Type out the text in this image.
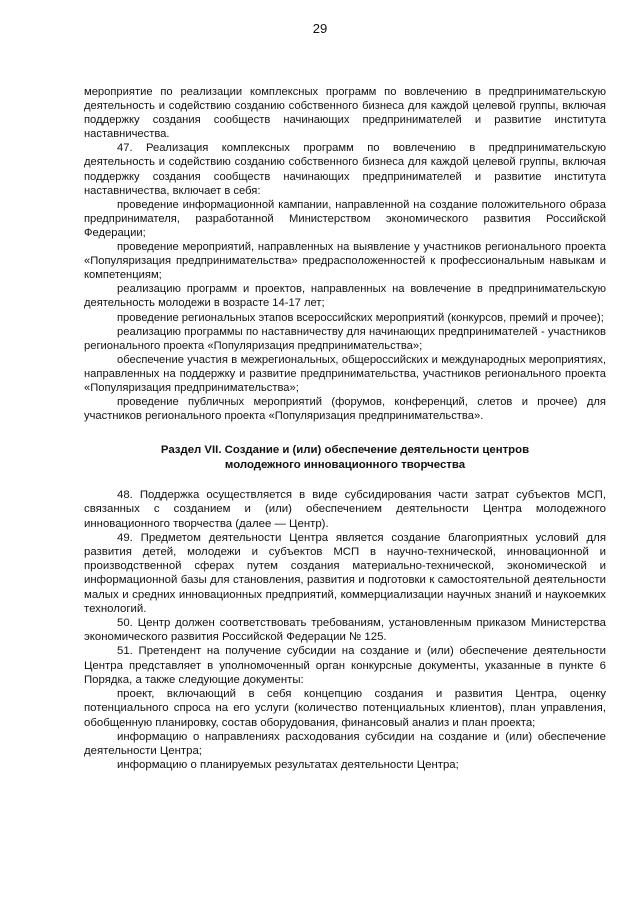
29

мероприятие по реализации комплексных программ по вовлечению в предпринимательскую деятельность и содействию созданию собственного бизнеса для каждой целевой группы, включая поддержку создания сообществ начинающих предпринимателей и развитие института наставничества.

47. Реализация комплексных программ по вовлечению в предпринимательскую деятельность и содействию созданию собственного бизнеса для каждой целевой группы, включая поддержку создания сообществ начинающих предпринимателей и развитие института наставничества, включает в себя:

проведение информационной кампании, направленной на создание положительного образа предпринимателя, разработанной Министерством экономического развития Российской Федерации;

проведение мероприятий, направленных на выявление у участников регионального проекта «Популяризация предпринимательства» предрасположенностей к профессиональным навыкам и компетенциям;

реализацию программ и проектов, направленных на вовлечение в предпринимательскую деятельность молодежи в возрасте 14-17 лет;

проведение региональных этапов всероссийских мероприятий (конкурсов, премий и прочее);

реализацию программы по наставничеству для начинающих предпринимателей - участников регионального проекта «Популяризация предпринимательства»;

обеспечение участия в межрегиональных, общероссийских и международных мероприятиях, направленных на поддержку и развитие предпринимательства, участников регионального проекта «Популяризация предпринимательства»;

проведение публичных мероприятий (форумов, конференций, слетов и прочее) для участников регионального проекта «Популяризация предпринимательства».

Раздел VII. Создание и (или) обеспечение деятельности центров

молодежного инновационного творчества

48. Поддержка осуществляется в виде субсидирования части затрат субъектов МСП, связанных с созданием и (или) обеспечением деятельности Центра молодежного инновационного творчества (далее — Центр).

49. Предметом деятельности Центра является создание благоприятных условий для развития детей, молодежи и субъектов МСП в научно-технической, инновационной и производственной сферах путем создания материально-технической, экономической и информационной базы для становления, развития и подготовки к самостоятельной деятельности малых и средних инновационных предприятий, коммерциализации научных знаний и наукоемких технологий.

50. Центр должен соответствовать требованиям, установленным приказом Министерства экономического развития Российской Федерации № 125.

51. Претендент на получение субсидии на создание и (или) обеспечение деятельности Центра представляет в уполномоченный орган конкурсные документы, указанные в пункте 6 Порядка, а также следующие документы:

проект, включающий в себя концепцию создания и развития Центра, оценку потенциального спроса на его услуги (количество потенциальных клиентов), план управления, обобщенную планировку, состав оборудования, финансовый анализ и план проекта;

информацию о направлениях расходования субсидии на создание и (или) обеспечение деятельности Центра;

информацию о планируемых результатах деятельности Центра;
